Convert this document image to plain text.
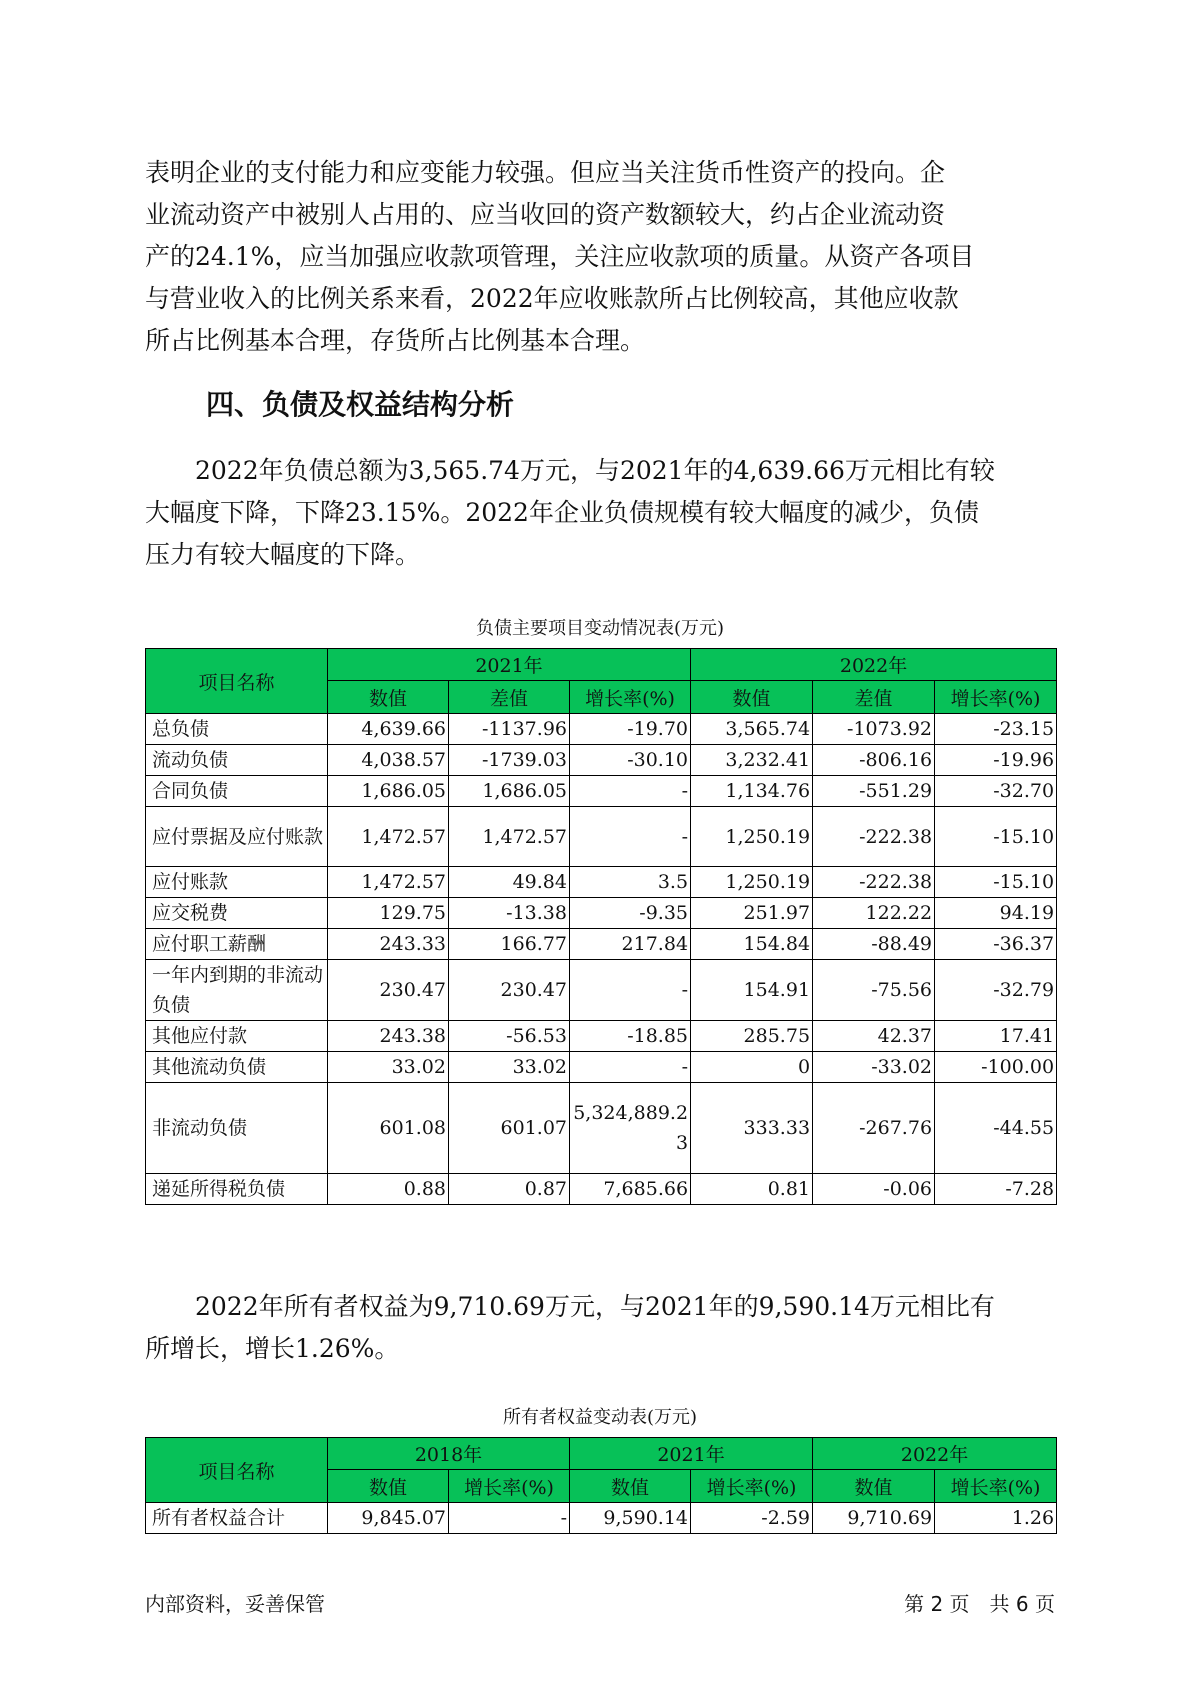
表明企业的支付能力和应变能力较强。但应当关注货币性资产的投向。企
业流动资产中被别人占用的、应当收回的资产数额较大，约占企业流动资
产的24.1%，应当加强应收款项管理，关注应收款项的质量。从资产各项目
与营业收入的比例关系来看，2022年应收账款所占比例较高，其他应收款
所占比例基本合理，存货所占比例基本合理。
四、负债及权益结构分析
　　2022年负债总额为3,565.74万元，与2021年的4,639.66万元相比有较
大幅度下降，下降23.15%。2022年企业负债规模有较大幅度的减少，负债
压力有较大幅度的下降。

负债主要项目变动情况表(万元)

项目名称	2021年			2022年		
	数值	差值	增长率(%)	数值	差值	增长率(%)
总负债	4,639.66	-1137.96	-19.70	3,565.74	-1073.92	-23.15
流动负债	4,038.57	-1739.03	-30.10	3,232.41	-806.16	-19.96
合同负债	1,686.05	1,686.05	-	1,134.76	-551.29	-32.70
应付票据及应付账款	1,472.57	1,472.57	-	1,250.19	-222.38	-15.10
应付账款	1,472.57	49.84	3.5	1,250.19	-222.38	-15.10
应交税费	129.75	-13.38	-9.35	251.97	122.22	94.19
应付职工薪酬	243.33	166.77	217.84	154.84	-88.49	-36.37
一年内到期的非流动负债	230.47	230.47	-	154.91	-75.56	-32.79
其他应付款	243.38	-56.53	-18.85	285.75	42.37	17.41
其他流动负债	33.02	33.02	-	0	-33.02	-100.00
非流动负债	601.08	601.07	5,324,889.23	333.33	-267.76	-44.55
递延所得税负债	0.88	0.87	7,685.66	0.81	-0.06	-7.28
　　2022年所有者权益为9,710.69万元，与2021年的9,590.14万元相比有
所增长，增长1.26%。

所有者权益变动表(万元)

项目名称	2018年		2021年		2022年	
	数值	增长率(%)	数值	增长率(%)	数值	增长率(%)
所有者权益合计	9,845.07	-	9,590.14	-2.59	9,710.69	1.26
内部资料，妥善保管	第 2 页　共 6 页
